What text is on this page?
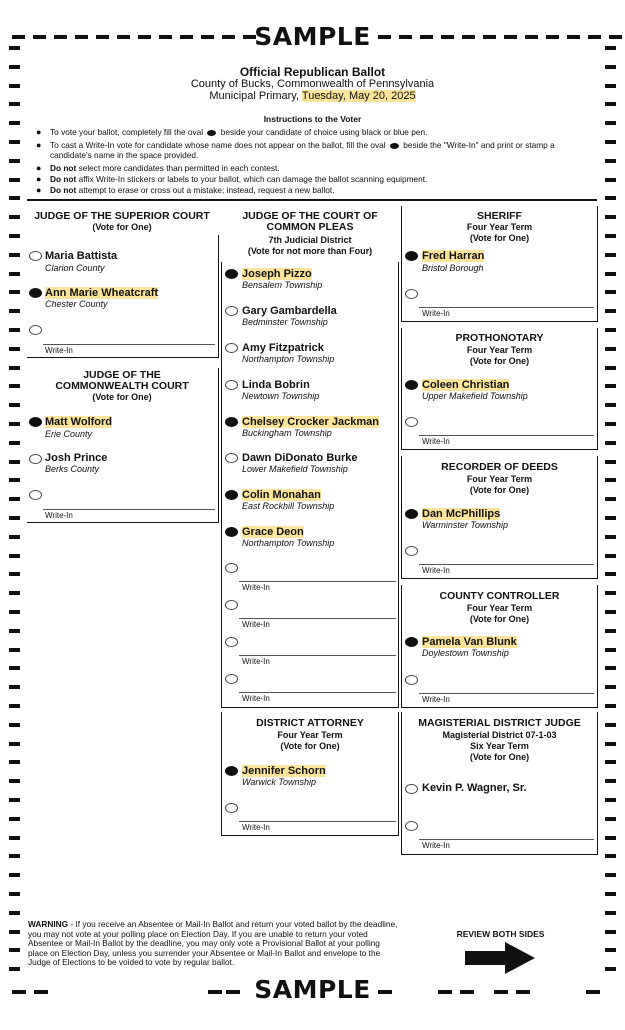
SAMPLE
SAMPLE
Official Republican Ballot
County of Bucks, Commonwealth of Pennsylvania
Municipal Primary, Tuesday, May 20, 2025
Instructions to the Voter
● To vote your ballot, completely fill the oval beside your candidate of choice using black or blue pen.
● To cast a Write-In vote for candidate whose name does not appear on the ballot, fill the oval beside the "Write-In" and print or stamp a candidate's name in the space provided.
● Do not select more candidates than permitted in each contest.
● Do not affix Write-In stickers or labels to your ballot, which can damage the ballot scanning equipment.
● Do not attempt to erase or cross out a mistake; instead, request a new ballot.
JUDGE OF THE SUPERIOR COURT
(Vote for One)
Maria Battista
Clarion County
Ann Marie Wheatcraft
Chester County
Write-In
JUDGE OF THE
COMMONWEALTH COURT
(Vote for One)
Matt Wolford
Erie County
Josh Prince
Berks County
Write-In
JUDGE OF THE COURT OF
COMMON PLEAS
7th Judicial District
(Vote for not more than Four)
Joseph Pizzo
Bensalem Township
Gary Gambardella
Bedminster Township
Amy Fitzpatrick
Northampton Township
Linda Bobrin
Newtown Township
Chelsey Crocker Jackman
Buckingham Township
Dawn DiDonato Burke
Lower Makefield Township
Colin Monahan
East Rockhill Township
Grace Deon
Northampton Township
Write-In
Write-In
Write-In
Write-In
DISTRICT ATTORNEY
Four Year Term
(Vote for One)
Jennifer Schorn
Warwick Township
Write-In
SHERIFF
Four Year Term
(Vote for One)
Fred Harran
Bristol Borough
Write-In
PROTHONOTARY
Four Year Term
(Vote for One)
Coleen Christian
Upper Makefield Township
Write-In
RECORDER OF DEEDS
Four Year Term
(Vote for One)
Dan McPhillips
Warminster Township
Write-In
COUNTY CONTROLLER
Four Year Term
(Vote for One)
Pamela Van Blunk
Doylestown Township
Write-In
MAGISTERIAL DISTRICT JUDGE
Magisterial District 07-1-03
Six Year Term
(Vote for One)
Kevin P. Wagner, Sr.
Write-In
WARNING - If you receive an Absentee or Mail-In Ballot and return your voted ballot by the deadline, you may not vote at your polling place on Election Day. If you are unable to return your voted Absentee or Mail-In Ballot by the deadline, you may only vote a Provisional Ballot at your polling place on Election Day, unless you surrender your Absentee or Mail-In Ballot and envelope to the Judge of Elections to be voided to vote by regular ballot.
REVIEW BOTH SIDES
